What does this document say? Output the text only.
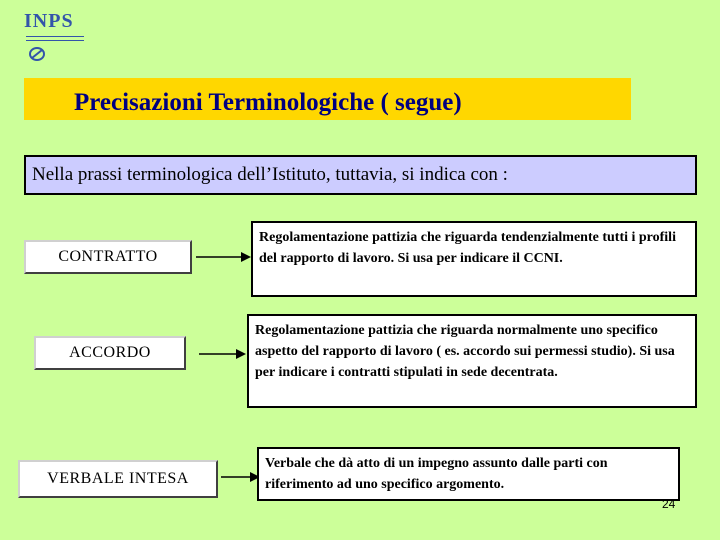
INPS
Precisazioni Terminologiche ( segue)
Nella prassi terminologica dell’Istituto, tuttavia, si indica con :
CONTRATTO
Regolamentazione pattizia che riguarda tendenzialmente tutti i profili del rapporto di lavoro. Si usa per indicare il CCNI.
ACCORDO
Regolamentazione pattizia che riguarda normalmente uno specifico aspetto del rapporto di lavoro ( es. accordo sui permessi studio). Si usa per indicare i contratti stipulati in sede decentrata.
VERBALE INTESA
Verbale che dà atto di un impegno assunto dalle parti con riferimento ad uno specifico argomento.
24
